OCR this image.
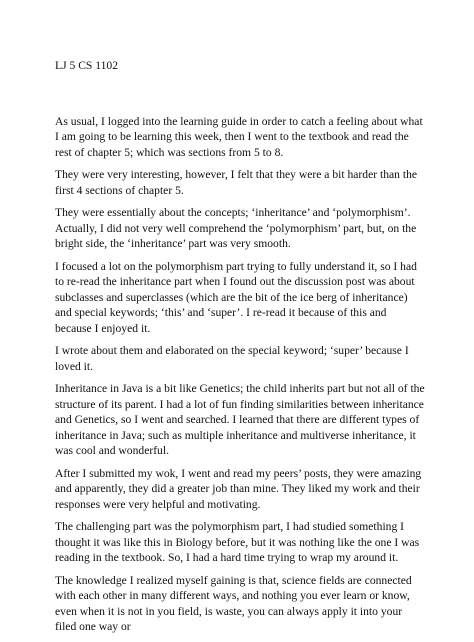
LJ 5 CS 1102

As usual, I logged into the learning guide in order to catch a feeling about what I am going to be learning this week, then I went to the textbook and read the rest of chapter 5; which was sections from 5 to 8.

They were very interesting, however, I felt that they were a bit harder than the first 4 sections of chapter 5.

They were essentially about the concepts; ‘inheritance’ and ‘polymorphism’. Actually, I did not very well comprehend the ‘polymorphism’ part, but, on the bright side, the ‘inheritance’ part was very smooth.

I focused a lot on the polymorphism part trying to fully understand it, so I had to re-read the inheritance part when I found out the discussion post was about subclasses and superclasses (which are the bit of the ice berg of inheritance) and special keywords; ‘this’ and ‘super’. I re-read it because of this and because I enjoyed it.

I wrote about them and elaborated on the special keyword; ‘super’ because I loved it.

Inheritance in Java is a bit like Genetics; the child inherits part but not all of the structure of its parent. I had a lot of fun finding similarities between inheritance and Genetics, so I went and searched. I learned that there are different types of inheritance in Java; such as multiple inheritance and multiverse inheritance, it was cool and wonderful.

After I submitted my wok, I went and read my peers’ posts, they were amazing and apparently, they did a greater job than mine. They liked my work and their responses were very helpful and motivating.

The challenging part was the polymorphism part, I had studied something I thought it was like this in Biology before, but it was nothing like the one I was reading in the textbook. So, I had a hard time trying to wrap my around it.

The knowledge I realized myself gaining is that, science fields are connected with each other in many different ways, and nothing you ever learn or know, even when it is not in you field, is waste, you can always apply it into your filed one way or
